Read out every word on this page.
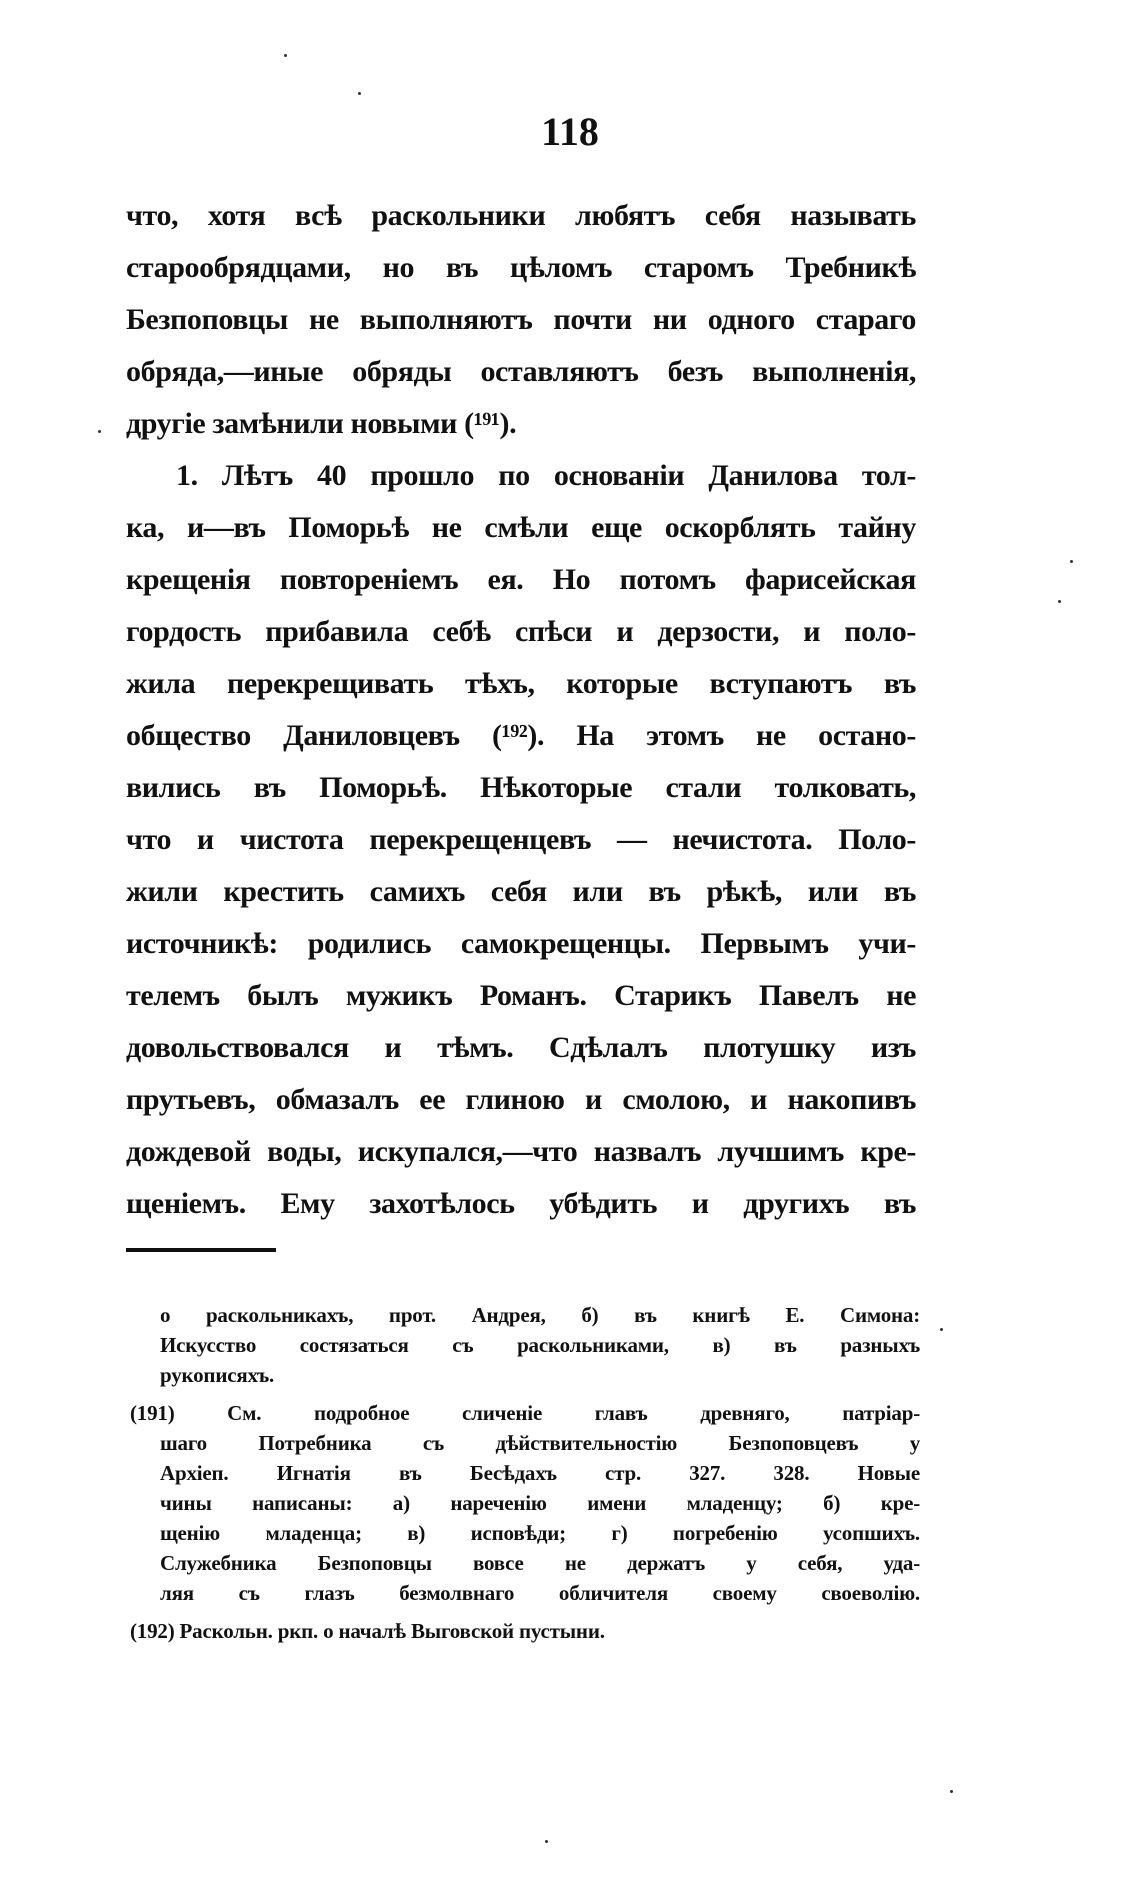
118
что, хотя всѣ раскольники любятъ себя называть
старообрядцами, но въ цѣломъ старомъ Требникѣ
Безпоповцы не выполняютъ почти ни одного стараго
обряда,—иные обряды оставляютъ безъ выполненія,
другіе замѣнили новыми (¹⁹¹).
1. Лѣтъ 40 прошло по основаніи Данилова тол-
ка, и—въ Поморьѣ не смѣли еще оскорблять тайну
крещенія повтореніемъ ея. Но потомъ фарисейская
гордость прибавила себѣ спѣси и дерзости, и поло-
жила перекрещивать тѣхъ, которые вступаютъ въ
общество Даниловцевъ (¹⁹²). На этомъ не остано-
вились въ Поморьѣ. Нѣкоторые стали толковать,
что и чистота перекрещенцевъ — нечистота. Поло-
жили крестить самихъ себя или въ рѣкѣ, или въ
источникѣ: родились самокрещенцы. Первымъ учи-
телемъ былъ мужикъ Романъ. Старикъ Павелъ не
довольствовался и тѣмъ. Сдѣлалъ плотушку изъ
прутьевъ, обмазалъ ее глиною и смолою, и накопивъ
дождевой воды, искупался,—что назвалъ лучшимъ кре-
щеніемъ. Ему захотѣлось убѣдить и другихъ въ
о раскольникахъ, прот. Андрея, б) въ книгѣ Е. Симона:
Искусство состязаться съ раскольниками, в) въ разныхъ
рукописяхъ.
(191) См. подробное сличеніе главъ древняго, патріар-
шаго Потребника съ дѣйствительностію Безпоповцевъ у
Архіеп. Игнатія въ Бесѣдахъ стр. 327. 328. Новые
чины написаны: а) нареченію имени младенцу; б) кре-
щенію младенца; в) исповѣди; г) погребенію усопшихъ.
Служебника Безпоповцы вовсе не держатъ у себя, уда-
ляя съ глазъ безмолвнаго обличителя своему своеволію.
(192) Раскольн. ркп. о началѣ Выговской пустыни.
